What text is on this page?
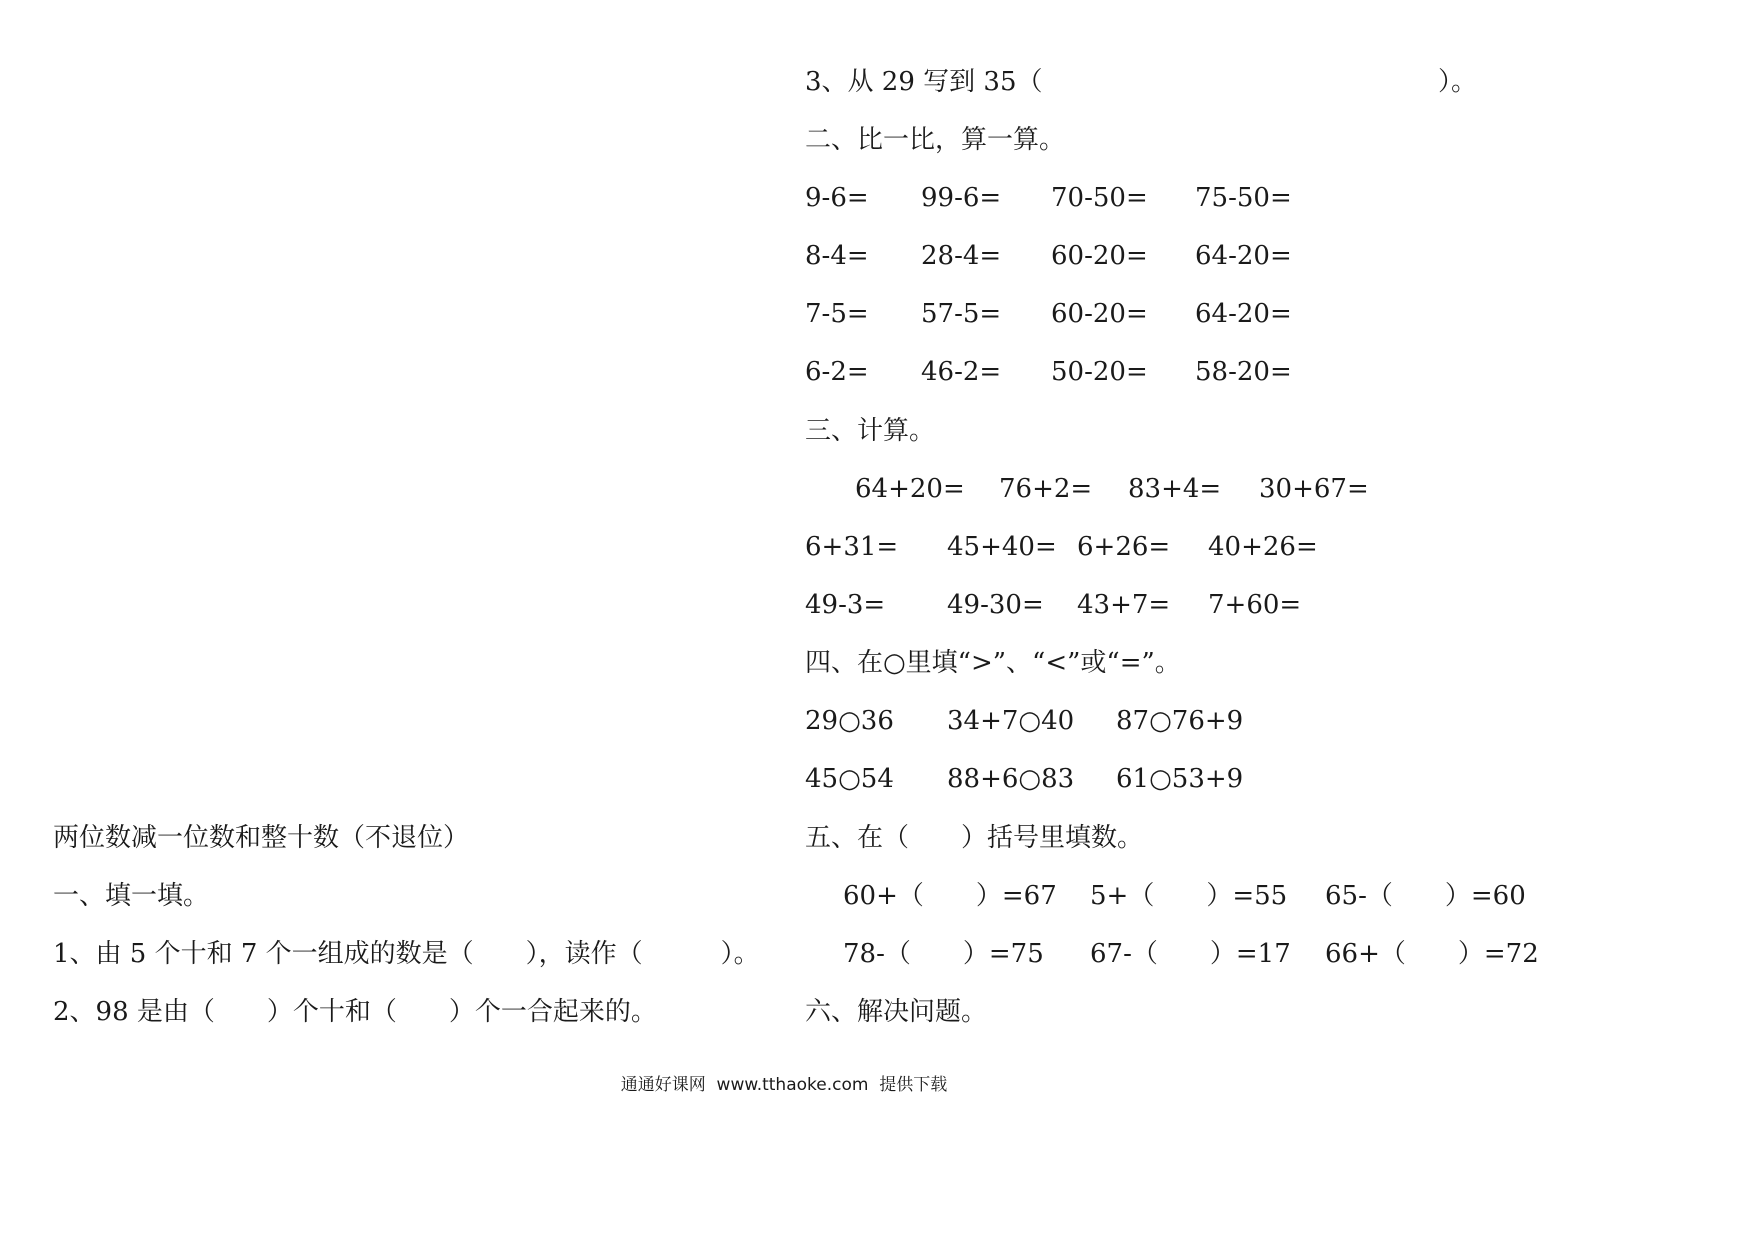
两位数减一位数和整十数（不退位）
一、填一填。
1、由 5 个十和 7 个一组成的数是（　　），读作（　　　）。
2、98 是由（　　）个十和（　　）个一合起来的。
3、从 29 写到 35（	）。
二、比一比，算一算。
9-6= 99-6= 70-50= 75-50=
8-4= 28-4= 60-20= 64-20=
7-5= 57-5= 60-20= 64-20=
6-2= 46-2= 50-20= 58-20=
三、计算。
64+20= 76+2= 83+4= 30+67=
6+31= 45+40= 6+26= 40+26=
49-3= 49-30= 43+7= 7+60=
四、在○里填“>”、“<”或“=”。
29○36 34+7○40 87○76+9
45○54 88+6○83 61○53+9
五、在（　　）括号里填数。
60+（　　）=67 5+（　　）=55 65-（　　）=60
78-（　　）=75 67-（　　）=17 66+（　　）=72
六、解决问题。
通通好课网  www.tthaoke.com  提供下载
